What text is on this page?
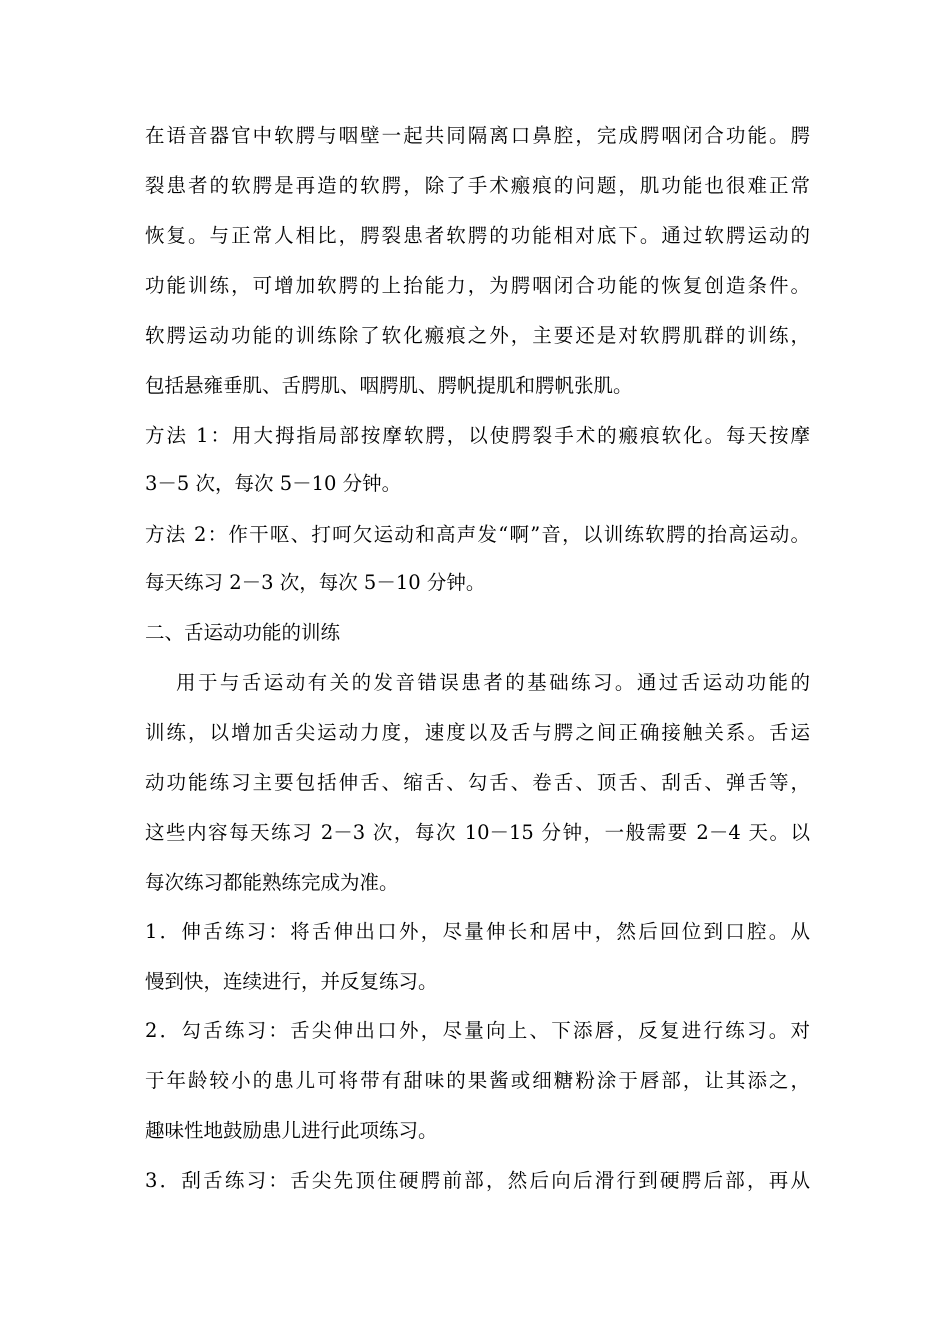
在语音器官中软腭与咽壁一起共同隔离口鼻腔，完成腭咽闭合功能。腭
裂患者的软腭是再造的软腭，除了手术瘢痕的问题，肌功能也很难正常
恢复。与正常人相比，腭裂患者软腭的功能相对底下。通过软腭运动的
功能训练，可增加软腭的上抬能力，为腭咽闭合功能的恢复创造条件。
软腭运动功能的训练除了软化瘢痕之外，主要还是对软腭肌群的训练，
包括悬雍垂肌、舌腭肌、咽腭肌、腭帆提肌和腭帆张肌。
方法 1：用大拇指局部按摩软腭，以使腭裂手术的瘢痕软化。每天按摩
3－5 次，每次 5－10 分钟。
方法 2：作干呕、打呵欠运动和高声发“啊”音，以训练软腭的抬高运动。
每天练习 2－3 次，每次 5－10 分钟。
二、舌运动功能的训练
用于与舌运动有关的发音错误患者的基础练习。通过舌运动功能的
训练，以增加舌尖运动力度，速度以及舌与腭之间正确接触关系。舌运
动功能练习主要包括伸舌、缩舌、勾舌、卷舌、顶舌、刮舌、弹舌等，
这些内容每天练习 2－3 次，每次 10－15 分钟，一般需要 2－4 天。以
每次练习都能熟练完成为准。
1．伸舌练习：将舌伸出口外，尽量伸长和居中，然后回位到口腔。从
慢到快，连续进行，并反复练习。
2．勾舌练习：舌尖伸出口外，尽量向上、下添唇，反复进行练习。对
于年龄较小的患儿可将带有甜味的果酱或细糖粉涂于唇部，让其添之，
趣味性地鼓励患儿进行此项练习。
3．刮舌练习：舌尖先顶住硬腭前部，然后向后滑行到硬腭后部，再从
